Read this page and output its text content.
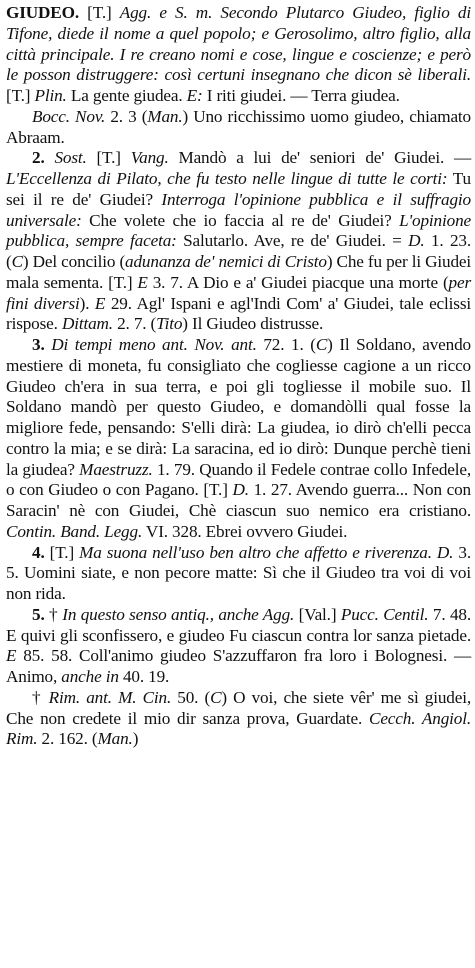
GIUDEO. [T.] Agg. e S. m. Secondo Plutarco Giudeo, figlio di Tifone, diede il nome a quel popolo; e Gerosolimo, altro figlio, alla città principale. I re creano nomi e cose, lingue e coscienze; e però le posson distruggere: così certuni insegnano che dicon sè liberali. [T.] Plin. La gente giudea. E: I riti giudei. — Terra giudea.

Bocc. Nov. 2. 3 (Man.) Uno ricchissimo uomo giudeo, chiamato Abraam.

2. Sost. [T.] Vang. Mandò a lui de' seniori de' Giudei. — L'Eccellenza di Pilato, che fu testo nelle lingue di tutte le corti: Tu sei il re de' Giudei? Interroga l'opinione pubblica e il suffragio universale: Che volete che io faccia al re de' Giudei? L'opinione pubblica, sempre faceta: Salutarlo. Ave, re de' Giudei. = D. 1. 23. (C) Del concilio (adunanza de' nemici di Cristo) Che fu per li Giudei mala sementa. [T.] E 3. 7. A Dio e a' Giudei piacque una morte (per fini diversi). E 29. Agl' Ispani e agl'Indi Com' a' Giudei, tale eclissi rispose. Dittam. 2. 7. (Tito) Il Giudeo distrusse.

3. Di tempi meno ant. Nov. ant. 72. 1. (C) Il Soldano, avendo mestiere di moneta, fu consigliato che cogliesse cagione a un ricco Giudeo ch'era in sua terra, e poi gli togliesse il mobile suo. Il Soldano mandò per questo Giudeo, e domandòlli qual fosse la migliore fede, pensando: S'elli dirà: La giudea, io dirò ch'elli pecca contro la mia; e se dirà: La saracina, ed io dirò: Dunque perchè tieni la giudea? Maestruzz. 1. 79. Quando il Fedele contrae collo Infedele, o con Giudeo o con Pagano. [T.] D. 1. 27. Avendo guerra... Non con Saracin' nè con Giudei, Chè ciascun suo nemico era cristiano. Contin. Band. Legg. VI. 328. Ebrei ovvero Giudei.

4. [T.] Ma suona nell'uso ben altro che affetto e riverenza. D. 3. 5. Uomini siate, e non pecore matte: Sì che il Giudeo tra voi di voi non rida.

5. † In questo senso antiq., anche Agg. [Val.] Pucc. Centil. 7. 48. E quivi gli sconfissero, e giudeo Fu ciascun contra lor sanza pietade. E 85. 58. Coll'animo giudeo S'azzuffaron fra loro i Bolognesi. — Animo, anche in 40. 19.

† Rim. ant. M. Cin. 50. (C) O voi, che siete vêr' me sì giudei, Che non credete il mio dir sanza prova, Guardate. Cecch. Angiol. Rim. 2. 162. (Man.)
